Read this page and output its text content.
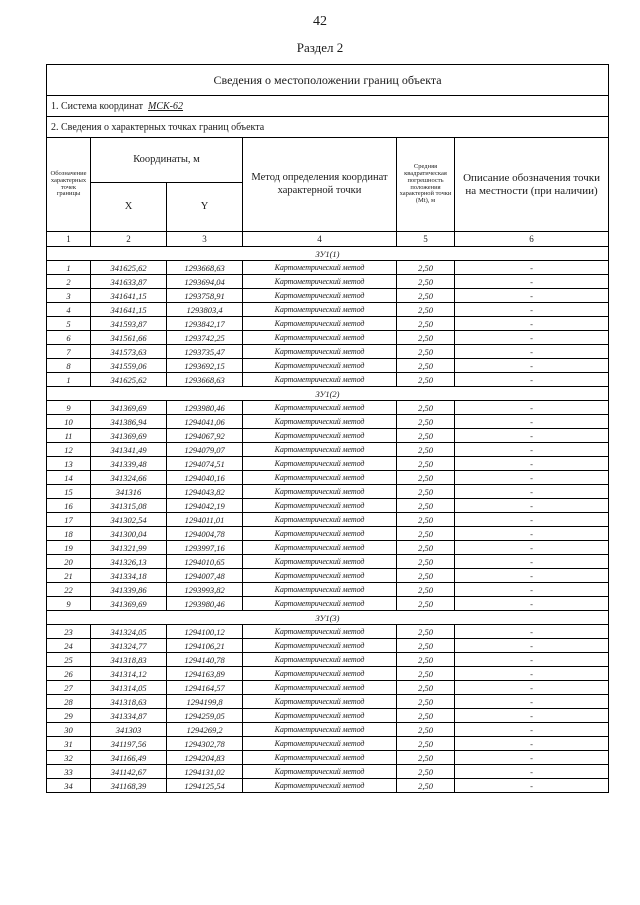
42
Раздел 2
Сведения о местоположении границ объекта					
1. Система координат МСК-62					
2. Сведения о характерных точках границ объекта					
Обозначение характерных точек границы	Координаты, м		Метод определения координат характерной точки	Средняя квадратическая погрешность положения характерной точки (Mt), м	Описание обозначения точки на местности (при наличии)
	X	Y			
1	2	3	4	5	6
ЗУ1(1)					
1	341625,62	1293668,63	Картометрический метод	2,50	-
2	341633,87	1293694,04	Картометрический метод	2,50	-
3	341641,15	1293758,91	Картометрический метод	2,50	-
4	341641,15	1293803,4	Картометрический метод	2,50	-
5	341593,87	1293842,17	Картометрический метод	2,50	-
6	341561,66	1293742,25	Картометрический метод	2,50	-
7	341573,63	1293735,47	Картометрический метод	2,50	-
8	341559,06	1293692,15	Картометрический метод	2,50	-
1	341625,62	1293668,63	Картометрический метод	2,50	-
ЗУ1(2)					
9	341369,69	1293980,46	Картометрический метод	2,50	-
10	341386,94	1294041,06	Картометрический метод	2,50	-
11	341369,69	1294067,92	Картометрический метод	2,50	-
12	341341,49	1294079,07	Картометрический метод	2,50	-
13	341339,48	1294074,51	Картометрический метод	2,50	-
14	341324,66	1294040,16	Картометрический метод	2,50	-
15	341316	1294043,82	Картометрический метод	2,50	-
16	341315,08	1294042,19	Картометрический метод	2,50	-
17	341302,54	1294011,01	Картометрический метод	2,50	-
18	341300,04	1294004,78	Картометрический метод	2,50	-
19	341321,99	1293997,16	Картометрический метод	2,50	-
20	341326,13	1294010,65	Картометрический метод	2,50	-
21	341334,18	1294007,48	Картометрический метод	2,50	-
22	341339,86	1293993,82	Картометрический метод	2,50	-
9	341369,69	1293980,46	Картометрический метод	2,50	-
ЗУ1(3)					
23	341324,05	1294100,12	Картометрический метод	2,50	-
24	341324,77	1294106,21	Картометрический метод	2,50	-
25	341318,83	1294140,78	Картометрический метод	2,50	-
26	341314,12	1294163,89	Картометрический метод	2,50	-
27	341314,05	1294164,57	Картометрический метод	2,50	-
28	341318,63	1294199,8	Картометрический метод	2,50	-
29	341334,87	1294259,05	Картометрический метод	2,50	-
30	341303	1294269,2	Картометрический метод	2,50	-
31	341197,56	1294302,78	Картометрический метод	2,50	-
32	341166,49	1294204,83	Картометрический метод	2,50	-
33	341142,67	1294131,02	Картометрический метод	2,50	-
34	341168,39	1294125,54	Картометрический метод	2,50	-
